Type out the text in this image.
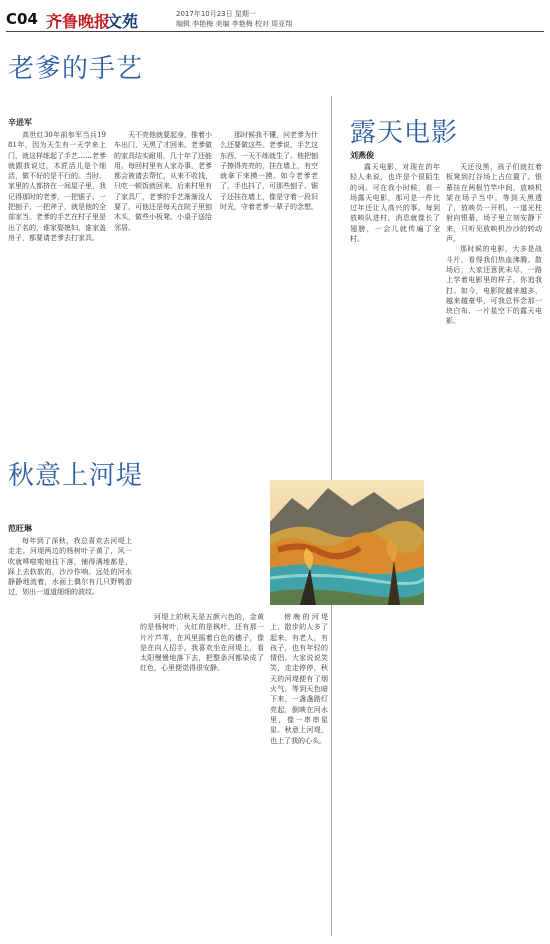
C04 齐鲁晚报
文苑	2017年10月23日 星期一
编辑 李艳梅 美编 李艳梅 校对 周亚翔
老爹的手艺
辛进军

高世红30年前参军当兵1981年，因为天生有一天学来上门，就这样练起了手艺……老爹就跟我说过，木匠活儿是个细活，做不好的是不行的。当时，家里的人都挤在一间屋子里，我记得那时的老爹，一把锯子、一把刨子、一把斧子，就是他的全部家当。老爹的手艺在村子里是出了名的，谁家娶媳妇，谁家盖房子，都要请老爹去打家具。

天不亮他就要起身，推着小车出门，天黑了才回来。老爹做的家具结实耐用，几十年了还能用。每回村里有人家办事，老爹都会被请去帮忙，从来不收钱，只吃一顿饭就回来。后来村里有了家具厂，老爹的手艺渐渐没人要了，可他还是每天在院子里刨木头，做些小板凳、小桌子送给邻居。

那时候我不懂，问老爹为什么还要做这些。老爹说，手艺这东西，一天不练就生了。他把刨子擦得亮亮的，挂在墙上，有空就拿下来摸一摸。如今老爹老了，手也抖了，可那些刨子、锯子还挂在墙上，像是守着一段旧时光，守着老爹一辈子的念想。

露天电影
刘燕俊

露天电影，对现在的年轻人来说，也许是个很陌生的词。可在我小时候，看一场露天电影，那可是一件比过年还让人高兴的事。每到放映队进村，消息就像长了翅膀，一会儿就传遍了全村。

天还没黑，孩子们就扛着板凳到打谷场上占位置了。银幕挂在两根竹竿中间，放映机架在场子当中。等到天黑透了，放映员一开机，一道光柱射向银幕，场子里立刻安静下来，只听见放映机沙沙的转动声。

那时候的电影，大多是战斗片，看得我们热血沸腾。散场后，大家还意犹未尽，一路上学着电影里的样子，你追我打。如今，电影院越来越多，越来越豪华，可我总怀念那一块白布、一片星空下的露天电影。

秋意上河堤
范旺琳

每年到了深秋，我总喜欢去河堤上走走。河堤两边的杨树叶子黄了，风一吹就哗啦啦地往下落，铺得满地都是，踩上去软软的，沙沙作响。远处的河水静静地流着，水面上偶尔有几只野鸭游过，划出一道道细细的波纹。

河堤上的秋天是五颜六色的，金黄的是杨树叶，火红的是枫叶，还有那一片片芦苇，在风里摇着白色的穗子，像是在向人招手。我喜欢坐在河堤上，看太阳慢慢地落下去，把整条河都染成了红色，心里便觉得很安静。

傍晚的河堤上，散步的人多了起来，有老人，有孩子，也有年轻的情侣。大家说说笑笑，走走停停，秋天的河堤便有了烟火气。等到天色暗下来，一盏盏路灯亮起，倒映在河水里，像一串串星星。秋意上河堤，也上了我的心头。
